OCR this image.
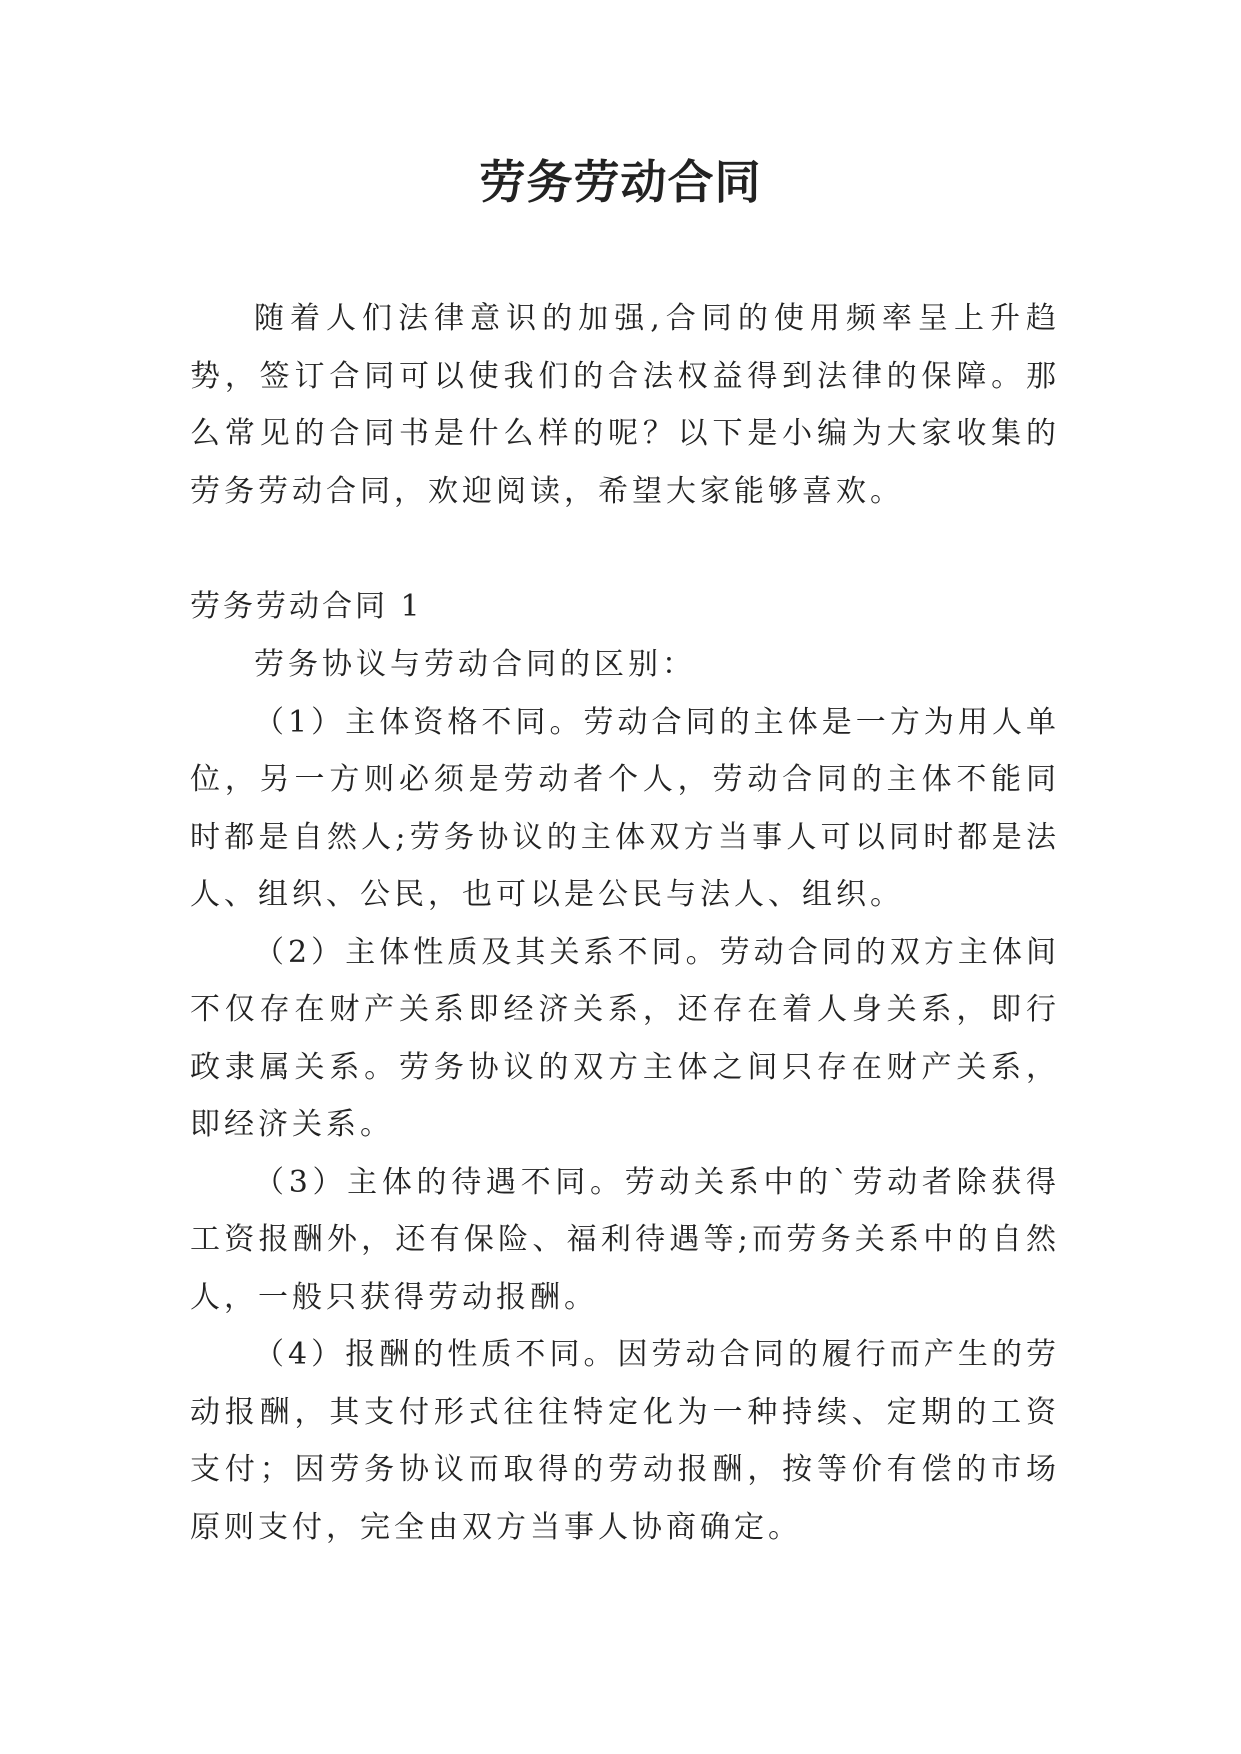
劳务劳动合同

随着人们法律意识的加强,合同的使用频率呈上升趋势，签订合同可以使我们的合法权益得到法律的保障。那么常见的合同书是什么样的呢？以下是小编为大家收集的劳务劳动合同，欢迎阅读，希望大家能够喜欢。

劳务劳动合同 1

劳务协议与劳动合同的区别：

（1）主体资格不同。劳动合同的主体是一方为用人单位，另一方则必须是劳动者个人，劳动合同的主体不能同时都是自然人;劳务协议的主体双方当事人可以同时都是法人、组织、公民，也可以是公民与法人、组织。

（2）主体性质及其关系不同。劳动合同的双方主体间不仅存在财产关系即经济关系，还存在着人身关系，即行政隶属关系。劳务协议的双方主体之间只存在财产关系，即经济关系。

（3）主体的待遇不同。劳动关系中的`劳动者除获得工资报酬外，还有保险、福利待遇等;而劳务关系中的自然人，一般只获得劳动报酬。

（4）报酬的性质不同。因劳动合同的履行而产生的劳动报酬，其支付形式往往特定化为一种持续、定期的工资支付；因劳务协议而取得的劳动报酬，按等价有偿的市场原则支付，完全由双方当事人协商确定。
